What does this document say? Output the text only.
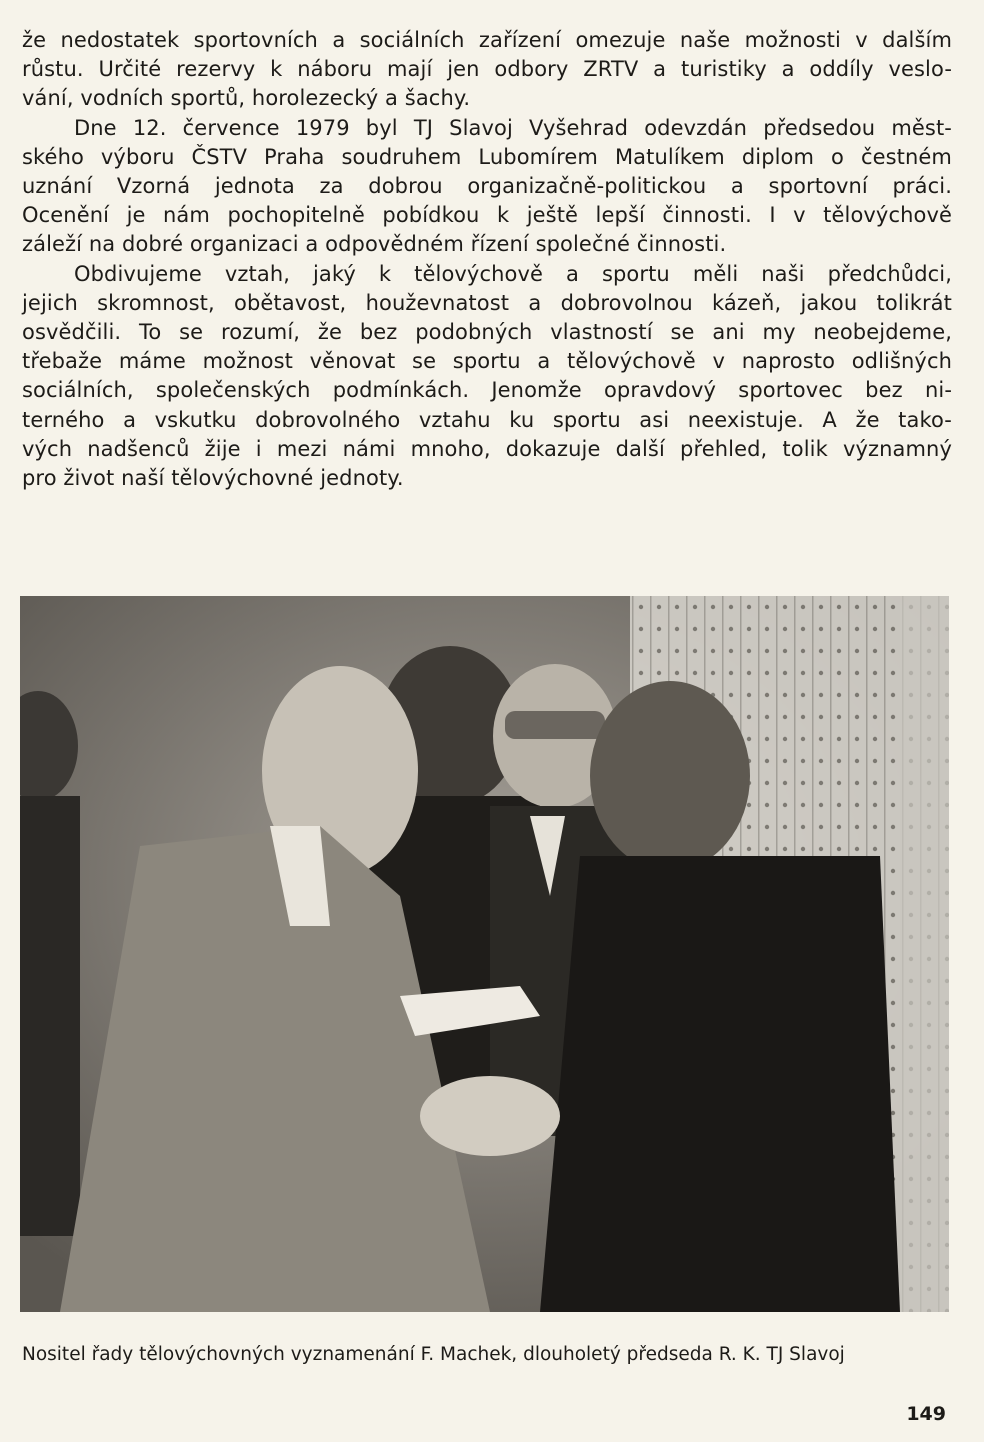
že nedostatek sportovních a sociálních zařízení omezuje naše možnosti v dalším
růstu. Určité rezervy k náboru mají jen odbory ZRTV a turistiky a oddíly veslo-
vání, vodních sportů, horolezecký a šachy.

Dne 12. července 1979 byl TJ Slavoj Vyšehrad odevzdán předsedou měst-
ského výboru ČSTV Praha soudruhem Lubomírem Matulíkem diplom o čestném
uznání Vzorná jednota za dobrou organizačně-politickou a sportovní práci.
Ocenění je nám pochopitelně pobídkou k ještě lepší činnosti. I v tělovýchově
záleží na dobré organizaci a odpovědném řízení společné činnosti.

Obdivujeme vztah, jaký k tělovýchově a sportu měli naši předchůdci,
jejich skromnost, obětavost, houževnatost a dobrovolnou kázeň, jakou tolikrát
osvědčili. To se rozumí, že bez podobných vlastností se ani my neobejdeme,
třebaže máme možnost věnovat se sportu a tělovýchově v naprosto odlišných
sociálních, společenských podmínkách. Jenomže opravdový sportovec bez ni-
terného a vskutku dobrovolného vztahu ku sportu asi neexistuje. A že tako-
vých nadšenců žije i mezi námi mnoho, dokazuje další přehled, tolik významný
pro život naší tělovýchovné jednoty.

Nositel řady tělovýchovných vyznamenání F. Machek, dlouholetý předseda R. K. TJ Slavoj
149
